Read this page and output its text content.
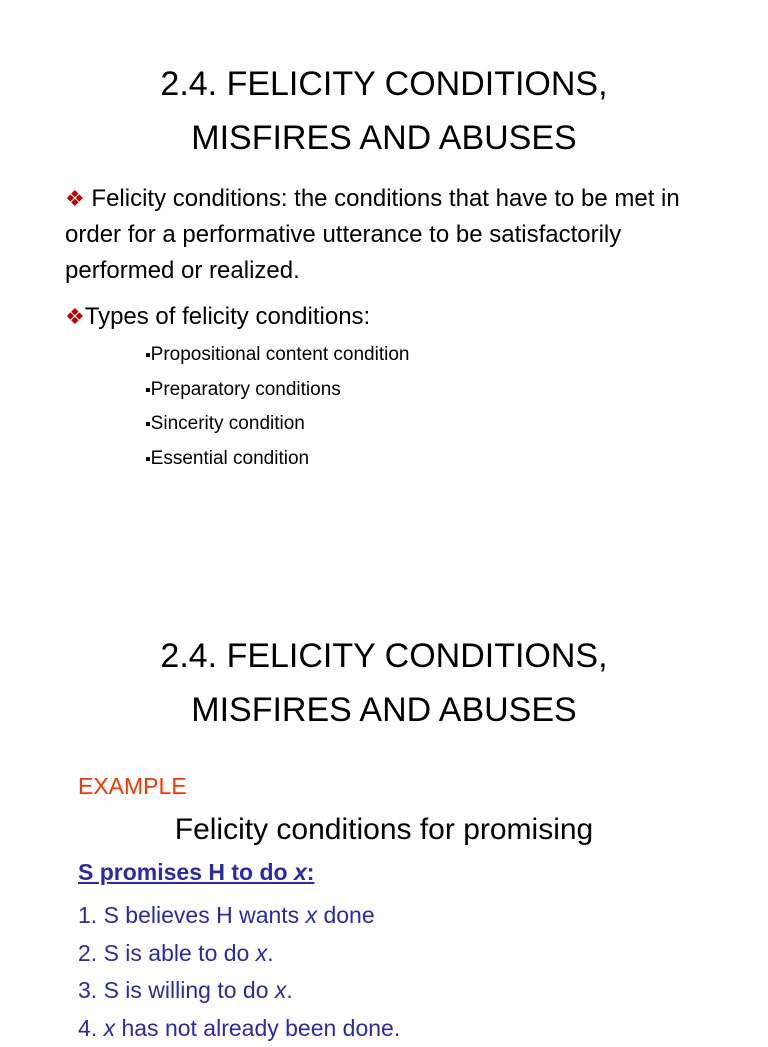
2.4. FELICITY CONDITIONS,
MISFIRES AND ABUSES
❖ Felicity conditions: the conditions that have to be met in order for a performative utterance to be satisfactorily performed or realized.
❖Types of felicity conditions:
▪ Propositional content condition
▪ Preparatory conditions
▪ Sincerity condition
▪ Essential condition
2.4. FELICITY CONDITIONS,
MISFIRES AND ABUSES
EXAMPLE
Felicity conditions for promising
S promises H to do x:
1. S believes H wants x done
2. S is able to do x.
3. S is willing to do x.
4. x has not already been done.
